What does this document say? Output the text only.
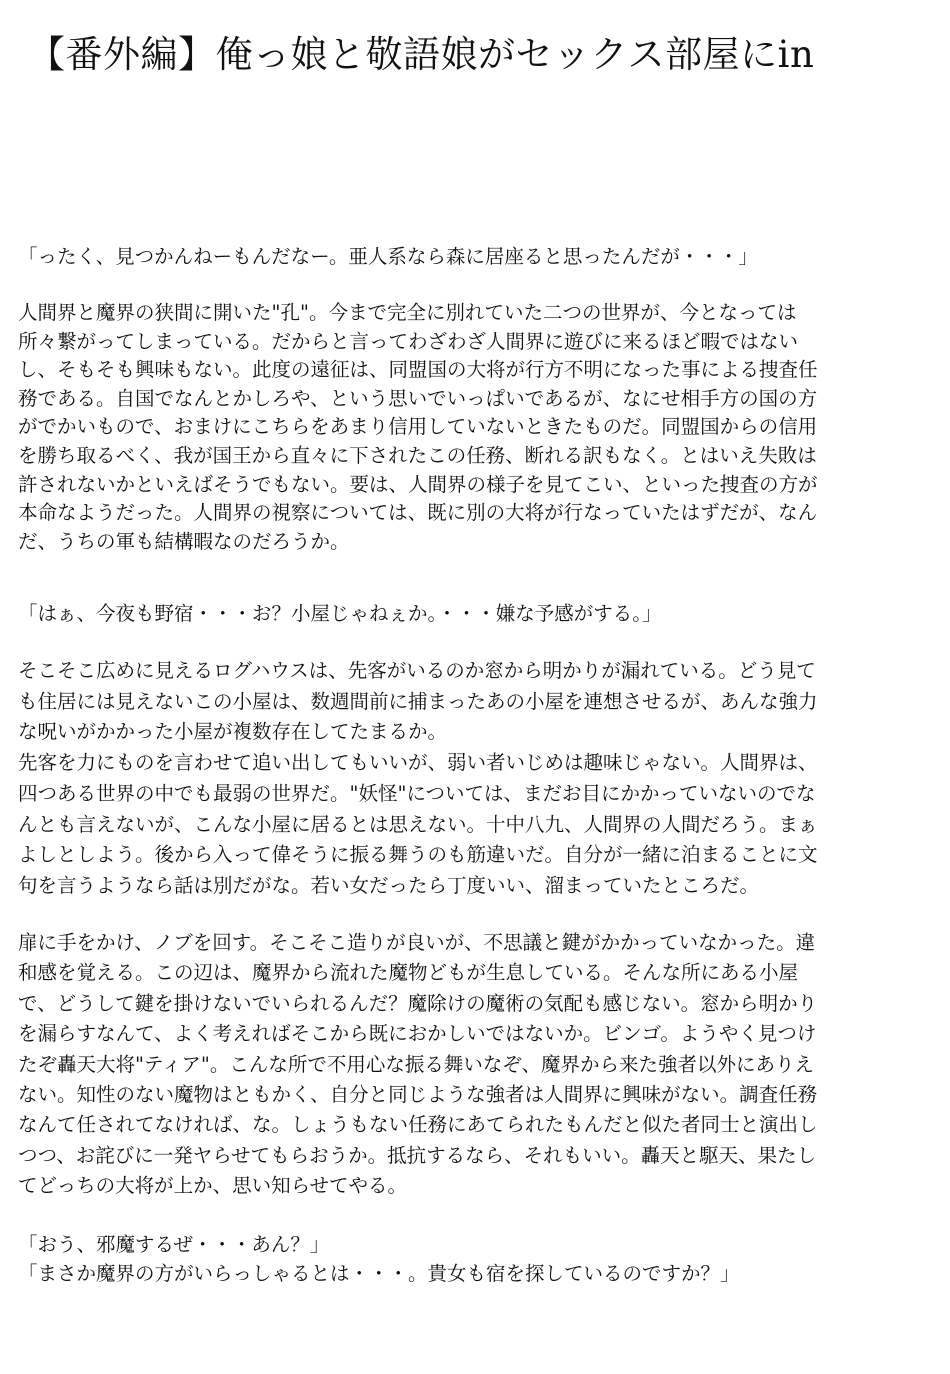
【番外編】俺っ娘と敬語娘がセックス部屋にin
「ったく、見つかんねーもんだなー。亜人系なら森に居座ると思ったんだが・・・」
人間界と魔界の狭間に開いた"孔"。今まで完全に別れていた二つの世界が、今となっては
所々繋がってしまっている。だからと言ってわざわざ人間界に遊びに来るほど暇ではない
し、そもそも興味もない。此度の遠征は、同盟国の大将が行方不明になった事による捜査任
務である。自国でなんとかしろや、という思いでいっぱいであるが、なにせ相手方の国の方
がでかいもので、おまけにこちらをあまり信用していないときたものだ。同盟国からの信用
を勝ち取るべく、我が国王から直々に下されたこの任務、断れる訳もなく。とはいえ失敗は
許されないかといえばそうでもない。要は、人間界の様子を見てこい、といった捜査の方が
本命なようだった。人間界の視察については、既に別の大将が行なっていたはずだが、なん
だ、うちの軍も結構暇なのだろうか。
「はぁ、今夜も野宿・・・お？小屋じゃねぇか。・・・嫌な予感がする。」
そこそこ広めに見えるログハウスは、先客がいるのか窓から明かりが漏れている。どう見て
も住居には見えないこの小屋は、数週間前に捕まったあの小屋を連想させるが、あんな強力
な呪いがかかった小屋が複数存在してたまるか。
先客を力にものを言わせて追い出してもいいが、弱い者いじめは趣味じゃない。人間界は、
四つある世界の中でも最弱の世界だ。"妖怪"については、まだお目にかかっていないのでな
んとも言えないが、こんな小屋に居るとは思えない。十中八九、人間界の人間だろう。まぁ
よしとしよう。後から入って偉そうに振る舞うのも筋違いだ。自分が一緒に泊まることに文
句を言うようなら話は別だがな。若い女だったら丁度いい、溜まっていたところだ。
扉に手をかけ、ノブを回す。そこそこ造りが良いが、不思議と鍵がかかっていなかった。違
和感を覚える。この辺は、魔界から流れた魔物どもが生息している。そんな所にある小屋
で、どうして鍵を掛けないでいられるんだ？魔除けの魔術の気配も感じない。窓から明かり
を漏らすなんて、よく考えればそこから既におかしいではないか。ビンゴ。ようやく見つけ
たぞ轟天大将"ティア"。こんな所で不用心な振る舞いなぞ、魔界から来た強者以外にありえ
ない。知性のない魔物はともかく、自分と同じような強者は人間界に興味がない。調査任務
なんて任されてなければ、な。しょうもない任務にあてられたもんだと似た者同士と演出し
つつ、お詫びに一発ヤらせてもらおうか。抵抗するなら、それもいい。轟天と駆天、果たし
てどっちの大将が上か、思い知らせてやる。
「おう、邪魔するぜ・・・あん？」
「まさか魔界の方がいらっしゃるとは・・・。貴女も宿を探しているのですか？」
